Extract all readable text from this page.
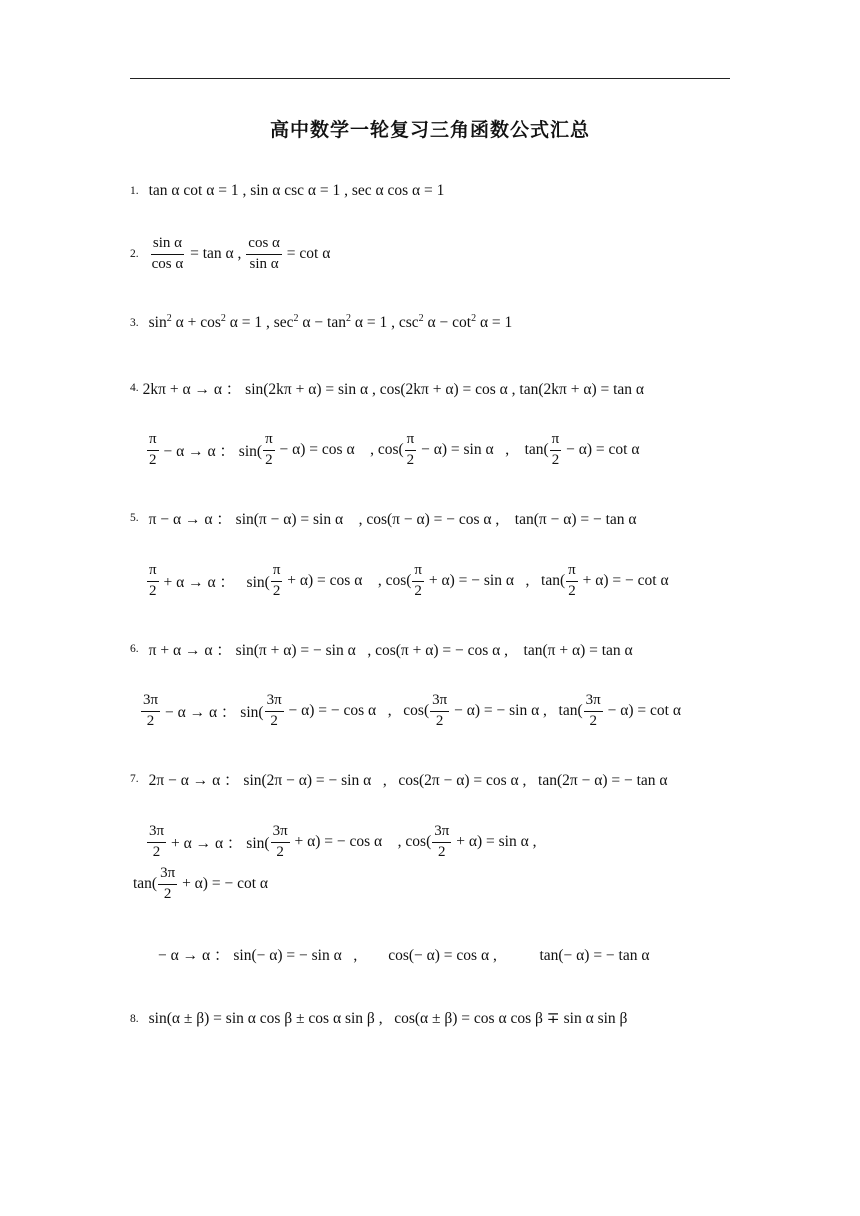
高中数学一轮复习三角函数公式汇总
1. tan α cot α = 1 , sin α csc α = 1 , sec α cos α = 1
2. $\frac{\text{sin α}}{\text{cos α}} = \tan \alpha$ , $\frac{\text{cos α}}{\text{sin α}} = \cot \alpha$
3. $\sin^2 \alpha + \cos^2 \alpha = 1$ , $\sec^2 \alpha - \tan^2 \alpha = 1$ , $\csc^2 \alpha - \cot^2 \alpha = 1$
4. 2kπ + α → α ： sin(2kπ + α) = sin α , cos(2kπ + α) = cos α , tan(2kπ + α) = tan α
$\frac{\pi}{2} - \alpha \to \alpha$ ： $\sin( \frac{\pi}{2} - \alpha) = \cos \alpha$    , $\cos( \frac{\pi}{2} - \alpha) = \sin \alpha$   ,    $\tan( \frac{\pi}{2} - \alpha) = \cot \alpha$
5. π − α → α ： sin(π − α) = sin α    , cos(π − α) = − cos α ,    tan(π − α) = − tan α
$\frac{\pi}{2} + \alpha \to \alpha$ ：   $\sin( \frac{\pi}{2} + \alpha) = \cos \alpha$    , $\cos( \frac{\pi}{2} + \alpha)$ = − sin α   ,   $\tan( \frac{\pi}{2} + \alpha)$ = − cot α
6. π + α → α ： sin(π + α) = − sin α   , cos(π + α) = − cos α ,    tan(π + α) = tan α
$\frac{3\pi}{2} - \alpha \to \alpha$ ： $\sin( \frac{3\pi}{2} - \alpha)$ = − cos α   ,   $\cos( \frac{3\pi}{2} - \alpha)$ = − sin α ,   $\tan( \frac{3\pi}{2} - \alpha) = \cot \alpha$
7. 2π − α → α ： sin(2π − α) = − sin α   ,   cos(2π − α) = cos α ,   tan(2π − α) = − tan α
$\frac{3\pi}{2} + \alpha \to \alpha$ ： $\sin( \frac{3\pi}{2} + \alpha)$ = − cos α    , $\cos( \frac{3\pi}{2} + \alpha) = \sin \alpha$ ,
$\tan( \frac{3\pi}{2} + \alpha)$ = − cot α
− α → α ： sin(− α) = − sin α   ,        cos(− α) = cos α ,           tan(− α) = − tan α
8. sin(α ± β) = sin α cos β ± cos α sin β ,   cos(α ± β) = cos α cos β ∓ sin α sin β
